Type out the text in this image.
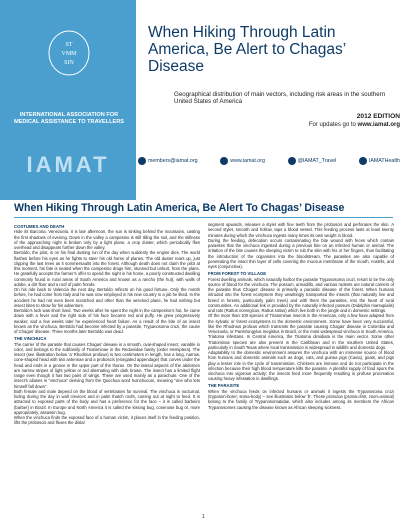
ST
VMM
SIN
INTERNATIONAL ASSOCIATION FOR MEDICAL ASSISTANCE TO TRAVELLERS
IAMAT
When Hiking Through Latin America, Be Alert to Chagas’ Disease
Geographical distribution of main vectors, including risk areas in the southern United States of America
2012 EDITION
For updates go to www.iamat.org
members@iamat.org	www.iamat.org	@IAMAT_Travel	IAMATHealth
When Hiking Through Latin America, Be Alert To Chagas’ Disease
COSTUMES AND DEATH

Hide its Barcoria, Venezuela. It is late afternoon, the sun is sinking behind the mountains, casting the first shadows of evening. Down in the valley a campesino is still tilling the soil, and the stillness of the approaching night is broken only by a light plane, a crop duster, which periodically flies overhead and disappears further down the valley.

Bertoldo, the pilot, is on his final dusting run of the day when suddenly the engine dies. The world flashes before his eyes as he fights to steer his old horse of planes. The old duster rears up, just clipping the last trees as it sommersaults into the forest. Although death does not claim the pilot at this moment, his fate is sealed when the campesino drags him, stunned but unhurt, from the plane. He gratefully accepts the farmer’s offer to spend the night in his home, a poorly constructed dwelling commonly found in rural areas of South America and known as a rancho (the hut), with walls of adobe, a dirt floor and a roof of palm fronds.

On his ride back to Valencia the next day, Bertoldo reflects on his good fortune. Only the month before, he had come from Italy and he was now employed in his new country in a job he liked. In the accident he had not even been scratched and other than the wrecked plane, he had nothing but insect bites to show for his adventure.

Bertoldo’s luck was short lived. Two weeks after he spent the night in the campesino’s hut, he came down with a fever and the right side of his face became red and puffy. He grew progressively weaker, and a few weeks later he experienced heart failure. As a result of the bite of an insect known as the vinchuca, Bertoldo had become infected by a parasite, Trypanosoma cruzi, the cause of Chagas’ disease. Three months later Bertoldo was dead.

THE VINCHUCA

The carrier of the parasite that causes Chagas’ disease is a smooth, oval-shaped insect, variable in color, and belongs to the subfamily of Triatominae in the Reduviidae family (order Hemiptera). The insect (see illustration below ‘a’ Rhodnius prolixus) is two centimeters in length, has a long, narrow, cone-shaped head with two antennae and a proboscis (elongated appendage) that curves under the head and ends in a groove in the upper part of the thorax. On the lateral aspects of the abdomen are narrow stripes of light yellow or red alternating with dark brown. The insect has a limited flight range even though it has two pairs of wings. These are used mainly as a parachute. One of the insect’s aliases is “vinchuca” deriving from the Quechua word huinchucuni, meaning “one who lets himself fall down”.

Both female and male depend on the blood of vertebrates for survival. The vinchuca is nocturnal, hiding during the day in wall crevices and in palm thatch roofs, coming out at night to feed. It is attracted to exposed parts of the body and has a preference for the face – it is called barbeiro (barber) in Brazil. In Europe and North America it is called the kissing bug, conenose bug or, more appropriately, assassin bug.

When the vinchuca finds the exposed face of a human victim, it places itself in the feeding position, lifts the proboscis and flexes the distal

segment upwards, releases a stylet with fine teeth from the proboscis and perforates the skin. A second stylet, smooth and hollow, taps a blood vessel. This feeding process lasts at least twenty minutes during which the vinchuca ingests many times its own weight in blood.

During the feeding, defecation occurs contaminating the bite wound with feces which contain parasites that the vinchuca ingested during a previous bite on an infected human or animal. The irritation of the bite causes the sleeping victim to rub the skin with his or her fingers, thus facilitating the introduction of the organisms into the bloodstream. The parasites are also capable of penetrating the intact thin layer of cells covering the mucous membrane of the mouth, nostrils, and eyes (conjunctiva).

FROM FOREST TO VILLAGE

Forest dwelling animals, which naturally harbor the parasite Trypanosoma cruzi, resort to be the only source of blood for the vinchuca. The possum, armadillo, and various rodents are natural carriers of the parasite thus Chagas’ disease is primarily a parasitic disease of the forest. When humans intruded into the forest ecosystem they unwittingly transported the insects (that naturally live and breed in forests, particularly palm trees) and with them the parasites, into the heart of rural communities. An additional link is provided by the naturally infected possum (Didelphis marsupialis) and rats (Rattus norvegicus, Rattus rattus) which live both in the jungle and in domestic settings.

Of the more than 100 species of Triatominae insects in the Americas, only a few have adapted from the sylvatic or forest ecosystems to the domestic environment. Some have been very successful, like the Rhodnius prolixus which transmits the parasite causing Chagas’ disease in Colombia and Venezuela, or Panstrongylus megistus in Brazil, or the most widespread vinchuca in South America, Triatoma infestans. In Central America, the Triatoma dimidiata is the main vector. Some other Triatominae species are also present in the Caribbean and in the southern United States, particularly in South Texas where local transmission is widespread in wildlife and domestic dogs.

Adaptability to the domestic environment assures the vinchuca with an immense source of blood from humans and domestic animals such as dogs, cats, and guinea pigs (Cavia), goats, and pigs play a lesser role in the cycle of transmission. Chickens are immune and do not participate in the infection because their high blood temperature kills the parasite. A plentiful supply of food spurs the vinchuca into vigorous activity; the insects feed more frequently resulting in profuse procreation causing heavy infestation in dwellings.

THE PARASITE

When the vinchuca feeds on infected humans or animals it ingests the Trypanosoma cruzi (trypanon-borer; soma-body) – see illustration below ‘b’. These protozoa (protos=first, zoon=animal) belong to the family of Trypanosomatidae, which also includes among its members the African Trypanosomes causing the disease known as African sleeping sickness.

1
